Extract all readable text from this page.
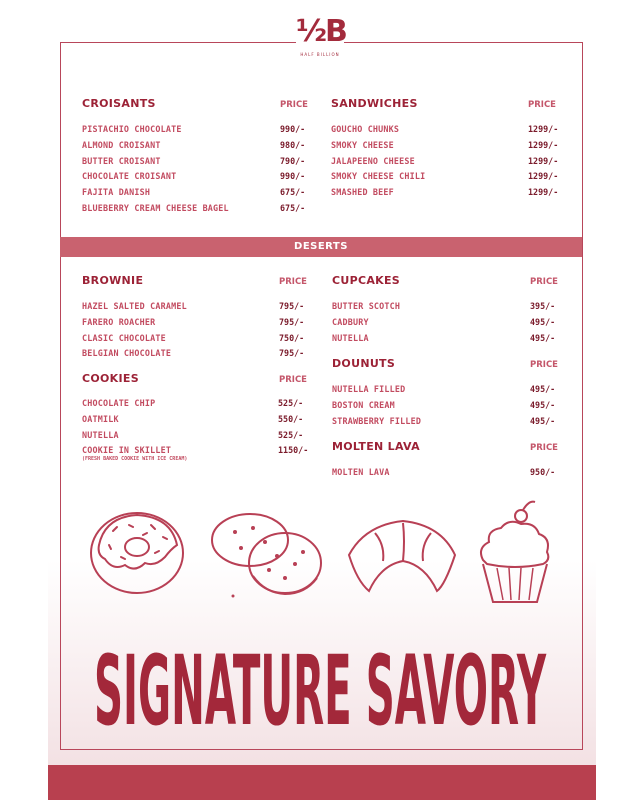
½B
HALF BILLION
CROISANTS	PRICE
PISTACHIO CHOCOLATE	990/-
ALMOND CROISANT	980/-
BUTTER CROISANT	790/-
CHOCOLATE CROISANT	990/-
FAJITA DANISH	675/-
BLUEBERRY CREAM CHEESE BAGEL	675/-
SANDWICHES	PRICE
GOUCHO CHUNKS	1299/-
SMOKY CHEESE	1299/-
JALAPEENO CHEESE	1299/-
SMOKY CHEESE CHILI	1299/-
SMASHED BEEF	1299/-
DESERTS
BROWNIE	PRICE
HAZEL SALTED CARAMEL	795/-
FARERO ROACHER	795/-
CLASIC CHOCOLATE	750/-
BELGIAN CHOCOLATE	795/-
COOKIES	PRICE
CHOCOLATE CHIP	525/-
OATMILK	550/-
NUTELLA	525/-
COOKIE IN SKILLET	1150/-
(FRESH BAKED COOKIE WITH ICE CREAM)
CUPCAKES	PRICE
BUTTER SCOTCH	395/-
CADBURY	495/-
NUTELLA	495/-
DOUNUTS	PRICE
NUTELLA FILLED	495/-
BOSTON CREAM	495/-
STRAWBERRY FILLED	495/-
MOLTEN LAVA	PRICE
MOLTEN LAVA	950/-
SIGNATURE SAVORY
